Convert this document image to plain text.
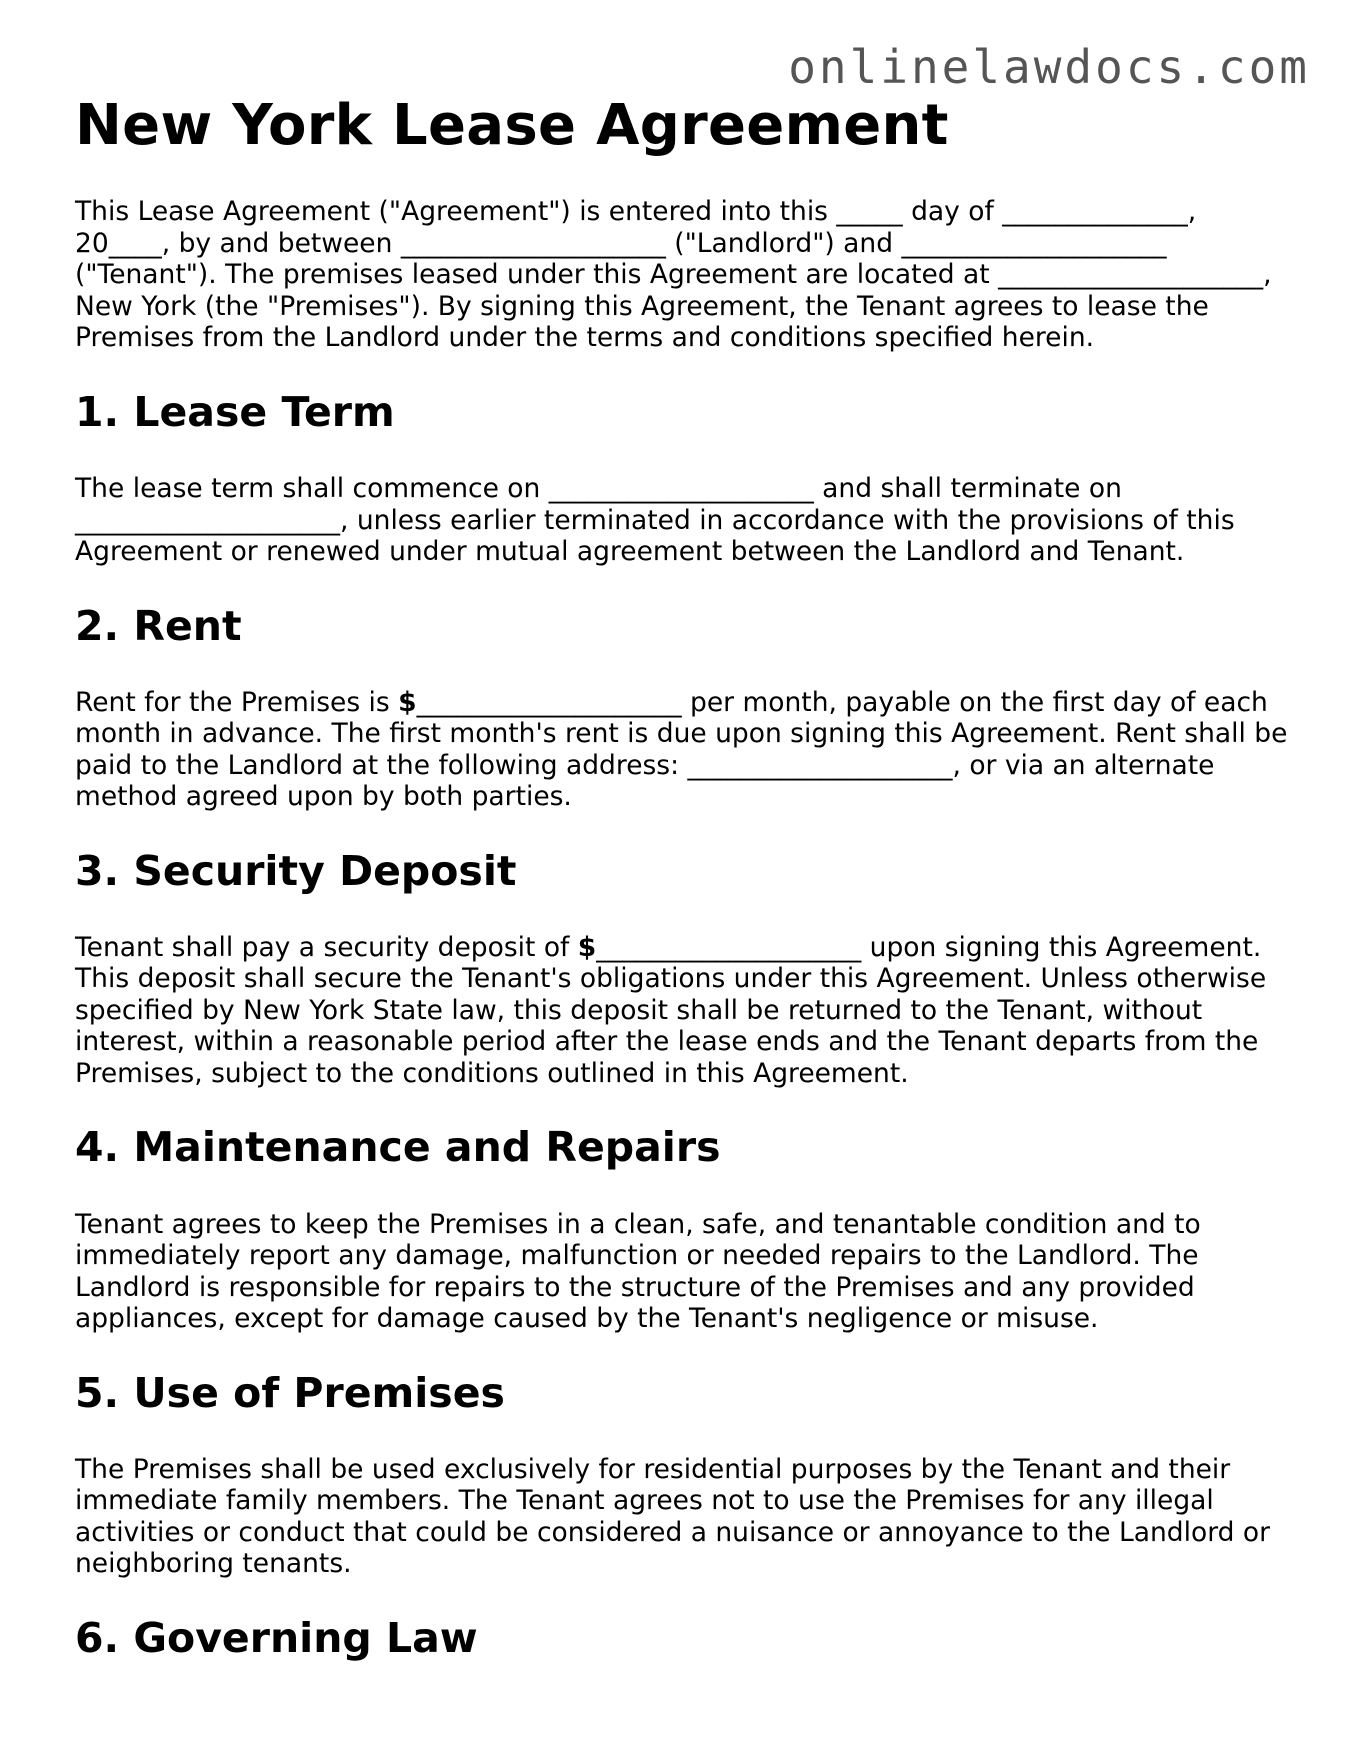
onlinelawdocs.com
New York Lease Agreement

This Lease Agreement ("Agreement") is entered into this _____ day of ______________, 20____, by and between ____________________ ("Landlord") and ____________________ ("Tenant"). The premises leased under this Agreement are located at ____________________, New York (the "Premises"). By signing this Agreement, the Tenant agrees to lease the Premises from the Landlord under the terms and conditions specified herein.

1. Lease Term

The lease term shall commence on ____________________ and shall terminate on ____________________, unless earlier terminated in accordance with the provisions of this Agreement or renewed under mutual agreement between the Landlord and Tenant.

2. Rent

Rent for the Premises is $____________________ per month, payable on the first day of each month in advance. The first month's rent is due upon signing this Agreement. Rent shall be paid to the Landlord at the following address: ____________________, or via an alternate method agreed upon by both parties.

3. Security Deposit

Tenant shall pay a security deposit of $____________________ upon signing this Agreement. This deposit shall secure the Tenant's obligations under this Agreement. Unless otherwise specified by New York State law, this deposit shall be returned to the Tenant, without interest, within a reasonable period after the lease ends and the Tenant departs from the Premises, subject to the conditions outlined in this Agreement.

4. Maintenance and Repairs

Tenant agrees to keep the Premises in a clean, safe, and tenantable condition and to immediately report any damage, malfunction or needed repairs to the Landlord. The Landlord is responsible for repairs to the structure of the Premises and any provided appliances, except for damage caused by the Tenant's negligence or misuse.

5. Use of Premises

The Premises shall be used exclusively for residential purposes by the Tenant and their immediate family members. The Tenant agrees not to use the Premises for any illegal activities or conduct that could be considered a nuisance or annoyance to the Landlord or neighboring tenants.

6. Governing Law
